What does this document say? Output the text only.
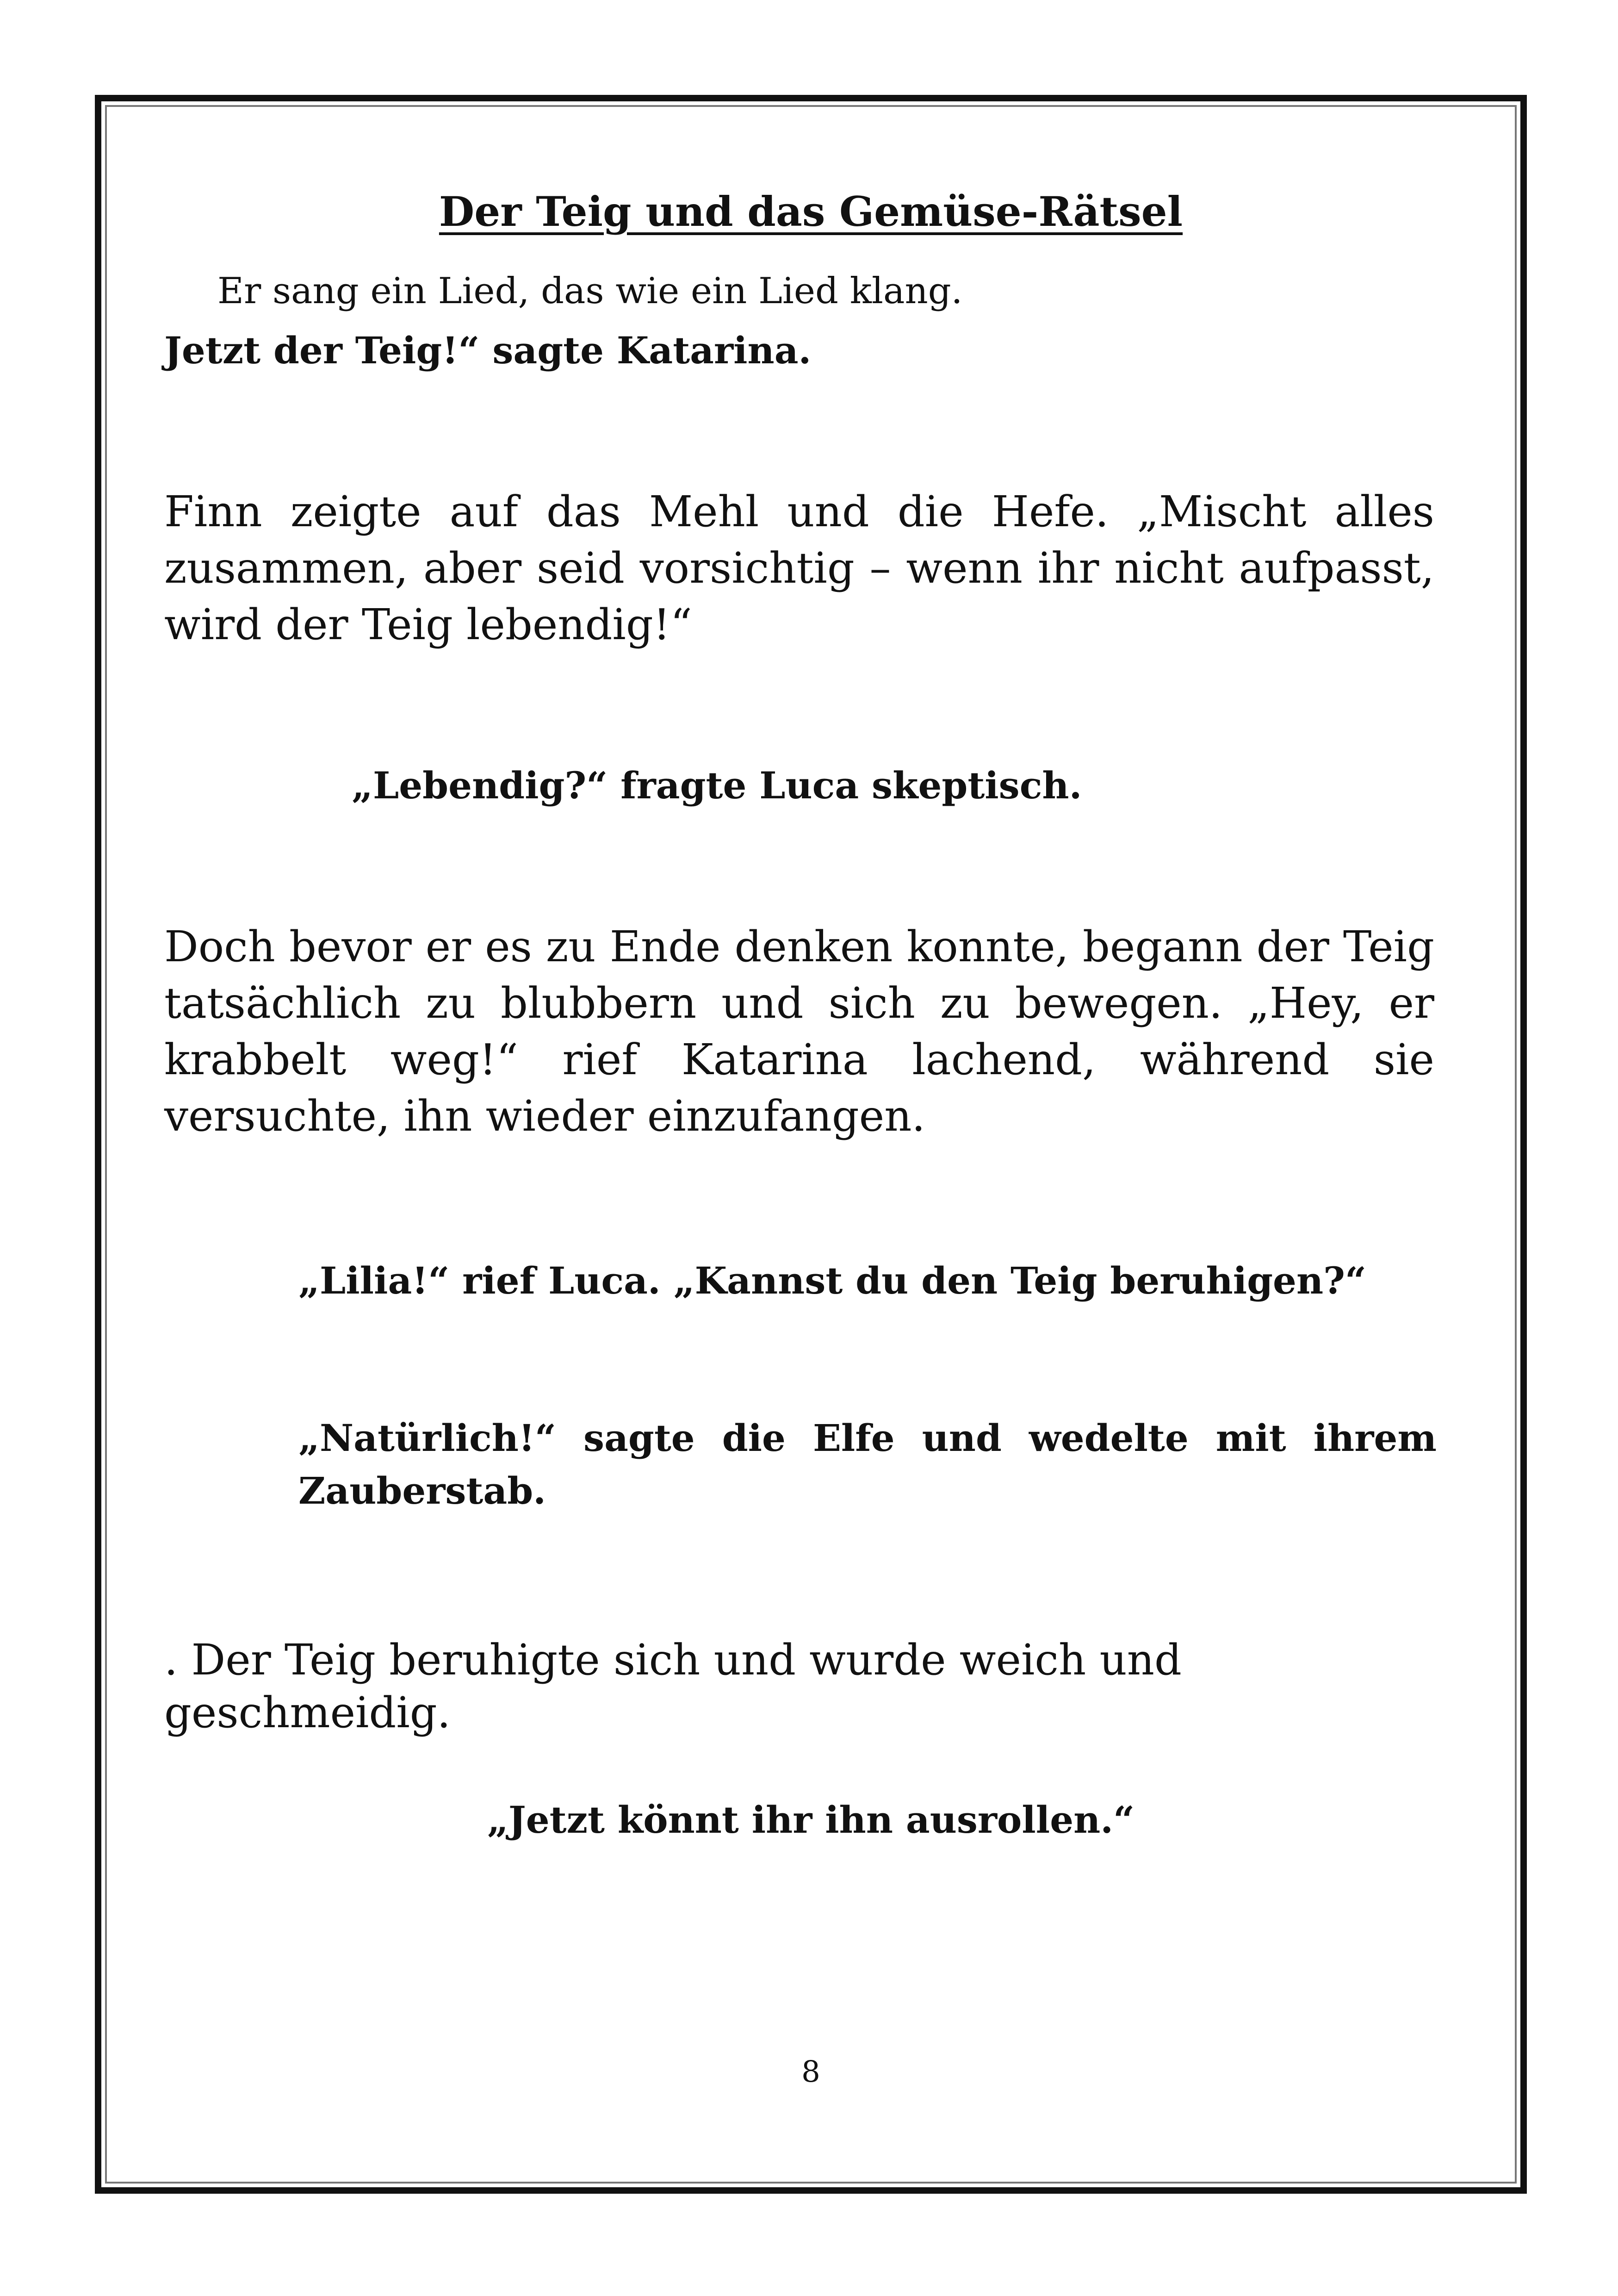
Der Teig und das Gemüse-Rätsel

Er sang ein Lied, das wie ein Lied klang.

Jetzt der Teig!“ sagte Katarina.

Finn zeigte auf das Mehl und die Hefe. „Mischt alles zusammen, aber seid vorsichtig – wenn ihr nicht aufpasst, wird der Teig lebendig!“

„Lebendig?“ fragte Luca skeptisch.

Doch bevor er es zu Ende denken konnte, begann der Teig tatsächlich zu blubbern und sich zu bewegen. „Hey, er krabbelt weg!“ rief Katarina lachend, während sie versuchte, ihn wieder einzufangen.

„Lilia!“ rief Luca. „Kannst du den Teig beruhigen?“

„Natürlich!“ sagte die Elfe und wedelte mit ihrem Zauberstab.

. Der Teig beruhigte sich und wurde weich und geschmeidig.

„Jetzt könnt ihr ihn ausrollen.“

8
